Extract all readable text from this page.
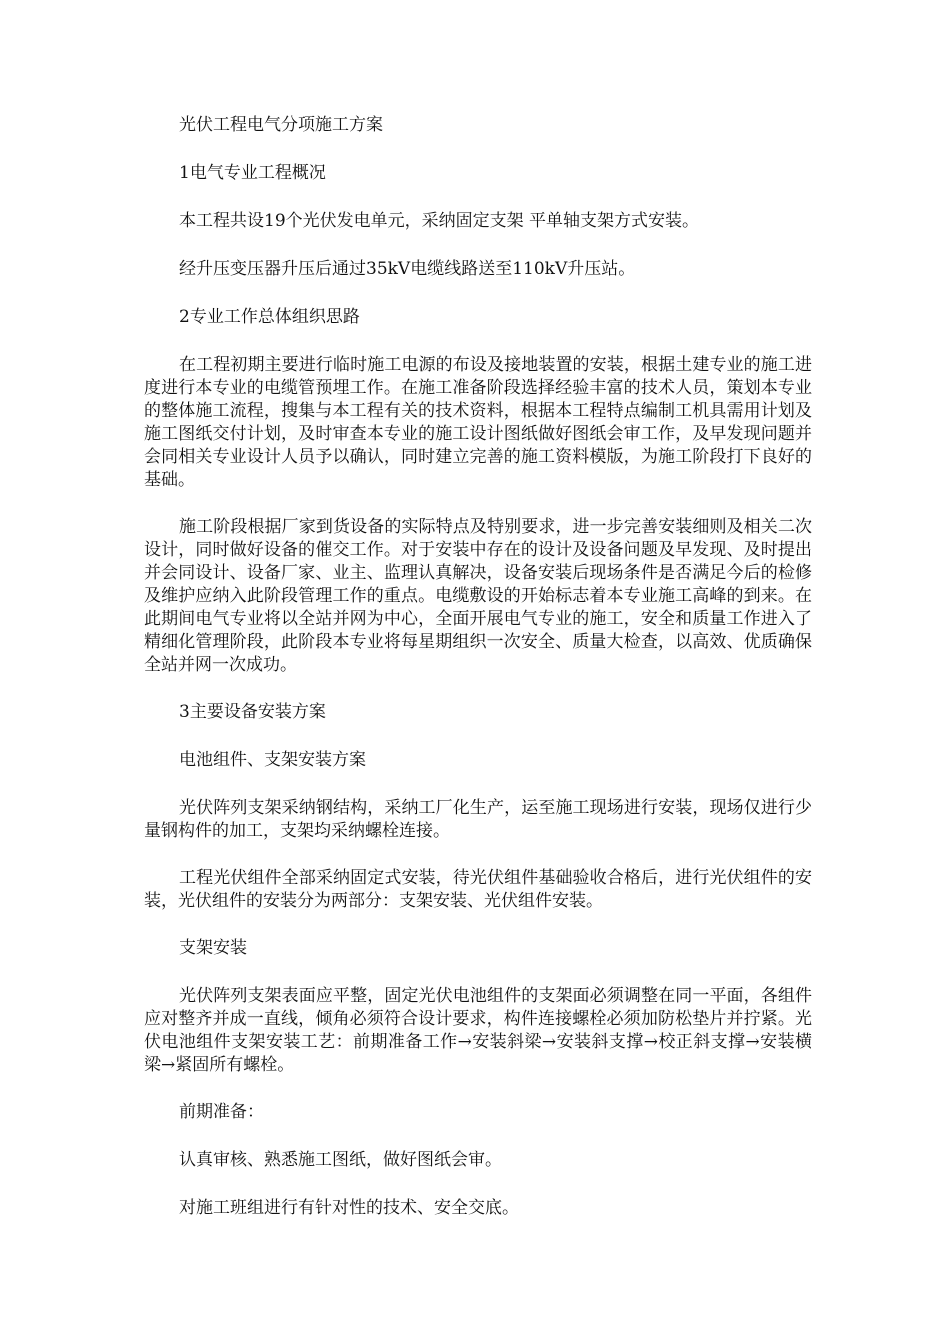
光伏工程电气分项施工方案

1电气专业工程概况

本工程共设19个光伏发电单元，采纳固定支架 平单轴支架方式安装。

经升压变压器升压后通过35kV电缆线路送至110kV升压站。

2专业工作总体组织思路

在工程初期主要进行临时施工电源的布设及接地装置的安装，根据土建专业的施工进度进行本专业的电缆管预埋工作。在施工准备阶段选择经验丰富的技术人员，策划本专业的整体施工流程，搜集与本工程有关的技术资料，根据本工程特点编制工机具需用计划及施工图纸交付计划，及时审查本专业的施工设计图纸做好图纸会审工作，及早发现问题并会同相关专业设计人员予以确认，同时建立完善的施工资料模版，为施工阶段打下良好的基础。

施工阶段根据厂家到货设备的实际特点及特别要求，进一步完善安装细则及相关二次设计，同时做好设备的催交工作。对于安装中存在的设计及设备问题及早发现、及时提出并会同设计、设备厂家、业主、监理认真解决，设备安装后现场条件是否满足今后的检修及维护应纳入此阶段管理工作的重点。电缆敷设的开始标志着本专业施工高峰的到来。在此期间电气专业将以全站并网为中心，全面开展电气专业的施工，安全和质量工作进入了精细化管理阶段，此阶段本专业将每星期组织一次安全、质量大检查，以高效、优质确保全站并网一次成功。

3主要设备安装方案

电池组件、支架安装方案

光伏阵列支架采纳钢结构，采纳工厂化生产，运至施工现场进行安装，现场仅进行少量钢构件的加工，支架均采纳螺栓连接。

工程光伏组件全部采纳固定式安装，待光伏组件基础验收合格后，进行光伏组件的安装，光伏组件的安装分为两部分：支架安装、光伏组件安装。

支架安装

光伏阵列支架表面应平整，固定光伏电池组件的支架面必须调整在同一平面，各组件应对整齐并成一直线，倾角必须符合设计要求，构件连接螺栓必须加防松垫片并拧紧。光伏电池组件支架安装工艺：前期准备工作→安装斜梁→安装斜支撑→校正斜支撑→安装横梁→紧固所有螺栓。

前期准备：

认真审核、熟悉施工图纸，做好图纸会审。

对施工班组进行有针对性的技术、安全交底。
